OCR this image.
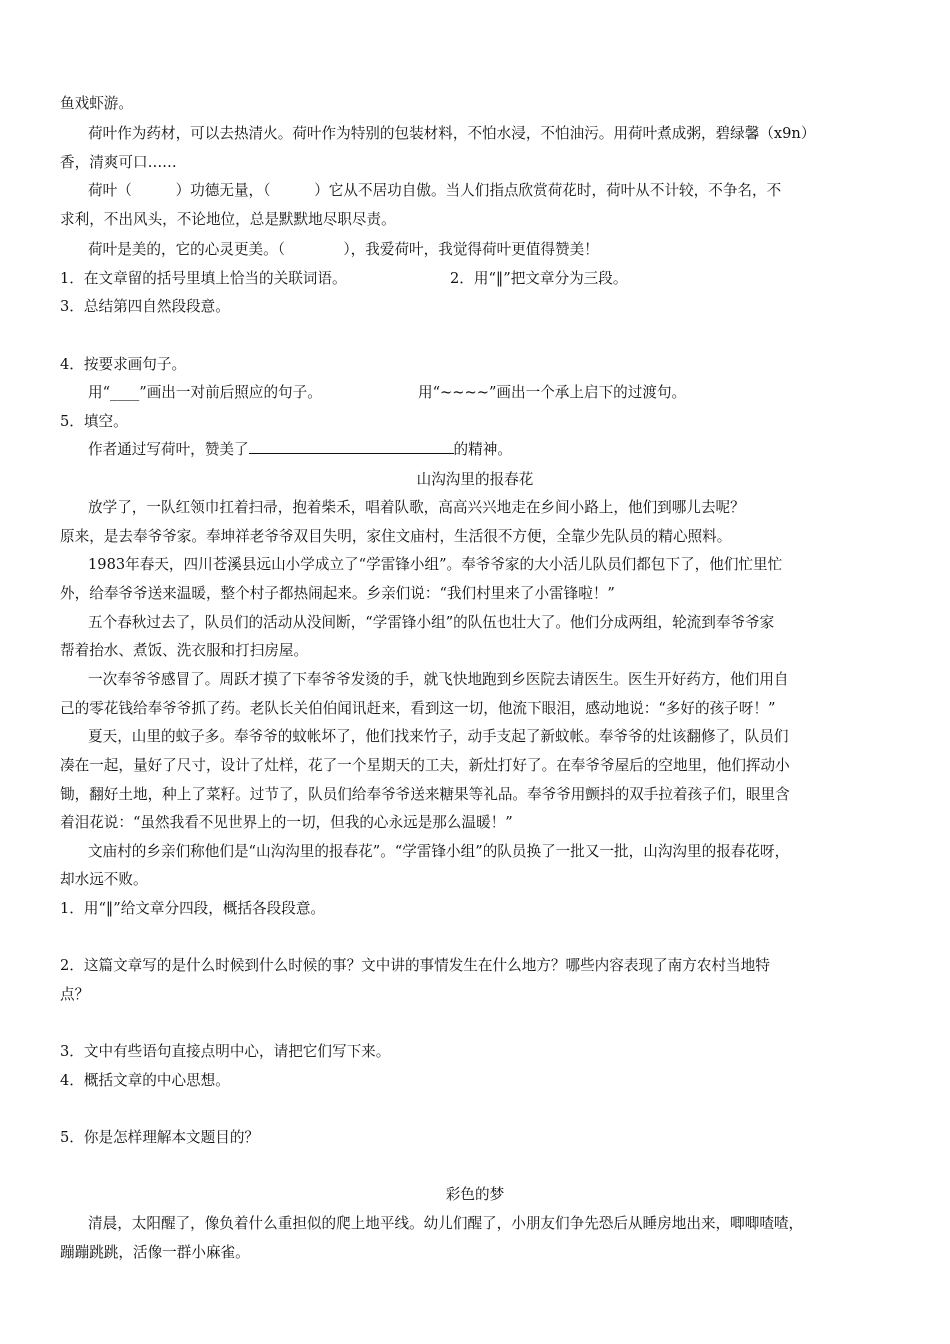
鱼戏虾游。
荷叶作为药材，可以去热清火。荷叶作为特别的包装材料，不怕水浸，不怕油污。用荷叶煮成粥，碧绿馨（x9n）
香，清爽可口……
荷叶（　　　）功德无量，（　　　）它从不居功自傲。当人们指点欣赏荷花时，荷叶从不计较，不争名，不
求利，不出风头，不论地位，总是默默地尽职尽责。
荷叶是美的，它的心灵更美。（　　　　），我爱荷叶，我觉得荷叶更值得赞美！
1．在文章留的括号里填上恰当的关联词语。	2．用“‖”把文章分为三段。
3．总结第四自然段段意。
4．按要求画句子。
用“____”画出一对前后照应的句子。	用“~~~~”画出一个承上启下的过渡句。
5．填空。
作者通过写荷叶，赞美了	的精神。
山沟沟里的报春花
放学了，一队红领巾扛着扫帚，抱着柴禾，唱着队歌，高高兴兴地走在乡间小路上，他们到哪儿去呢？
原来，是去奉爷爷家。奉坤祥老爷爷双目失明，家住文庙村，生活很不方便，全靠少先队员的精心照料。
1983年春天，四川苍溪县远山小学成立了“学雷锋小组”。奉爷爷家的大小活儿队员们都包下了，他们忙里忙
外，给奉爷爷送来温暖，整个村子都热闹起来。乡亲们说：“我们村里来了小雷锋啦！”
五个春秋过去了，队员们的活动从没间断，“学雷锋小组”的队伍也壮大了。他们分成两组，轮流到奉爷爷家
帮着抬水、煮饭、洗衣服和打扫房屋。
一次奉爷爷感冒了。周跃才摸了下奉爷爷发烫的手，就飞快地跑到乡医院去请医生。医生开好药方，他们用自
己的零花钱给奉爷爷抓了药。老队长关伯伯闻讯赶来，看到这一切，他流下眼泪，感动地说：“多好的孩子呀！”
夏天，山里的蚊子多。奉爷爷的蚊帐坏了，他们找来竹子，动手支起了新蚊帐。奉爷爷的灶该翻修了，队员们
凑在一起，量好了尺寸，设计了灶样，花了一个星期天的工夫，新灶打好了。在奉爷爷屋后的空地里，他们挥动小
锄，翻好土地，种上了菜籽。过节了，队员们给奉爷爷送来糖果等礼品。奉爷爷用颤抖的双手拉着孩子们，眼里含
着泪花说：“虽然我看不见世界上的一切，但我的心永远是那么温暖！”
文庙村的乡亲们称他们是“山沟沟里的报春花”。“学雷锋小组”的队员换了一批又一批，山沟沟里的报春花呀，
却水远不败。
1．用“‖”给文章分四段，概括各段段意。
2．这篇文章写的是什么时候到什么时候的事？文中讲的事情发生在什么地方？哪些内容表现了南方农村当地特
点？
3．文中有些语句直接点明中心，请把它们写下来。
4．概括文章的中心思想。
5．你是怎样理解本文题目的？
彩色的梦
清晨，太阳醒了，像负着什么重担似的爬上地平线。幼儿们醒了，小朋友们争先恐后从睡房地出来，唧唧喳喳，
蹦蹦跳跳，活像一群小麻雀。
